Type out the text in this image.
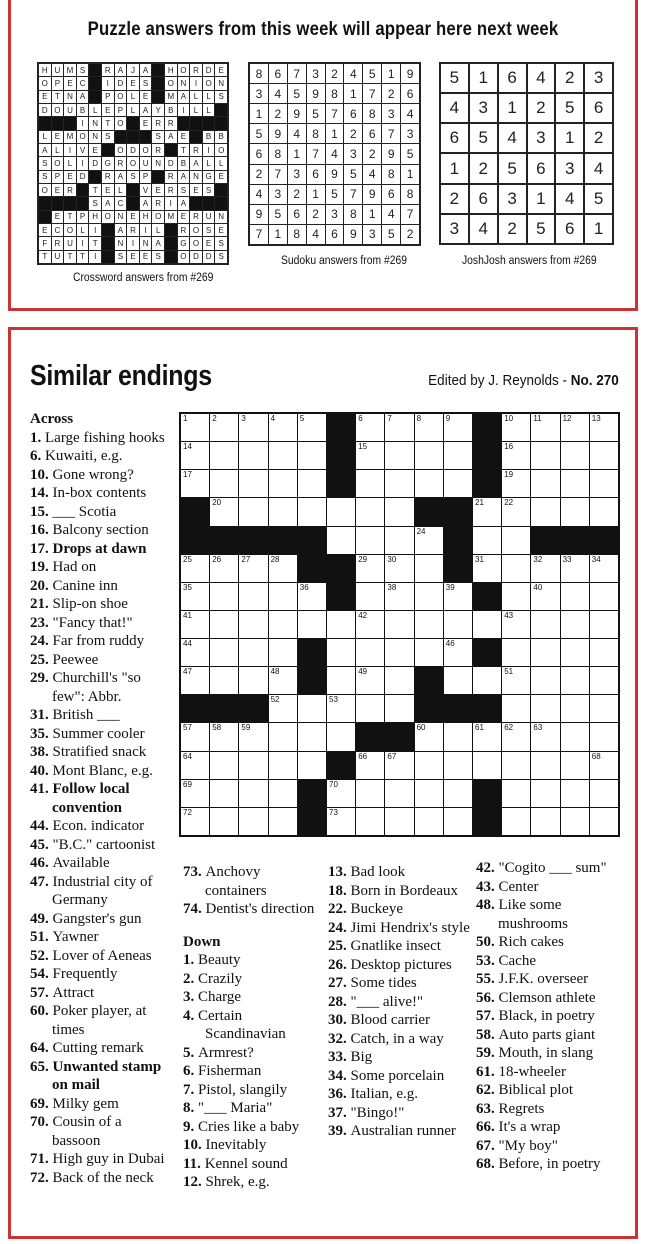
Puzzle answers from this week will appear here next week
H U M S	R A J A	H O R D E
O P E C	I	D E S	O N	I	O N
E T N A	P O L E	M A L	L S
D O U B L E P L A Y B	I	L	L
I	N T O	E R R
L E M O N S	S A E	B B
A L	I	V E	O D O R	T R	I	O
S O L	I	D G R O U N D B A L	L
S P E D	R A S P	R A N G E
O E R	T E L	V E R S E S
S A C	A R	I	A
E T P H O N E H O M E R U N
E C O L	I	A R	I	L	R O S E
F R U	I	T	N	I	N A	G O E S
T U T T	I	S E E S	O D D S
Crossword answers from #269
8	6	7	3	2	4	5	1	9
3	4	5	9	8	1	7	2	6
1	2	9	5	7	6	8	3	4
5	9	4	8	1	2	6	7	3
6	8	1	7	4	3	2	9	5
2	7	3	6	9	5	4	8	1
4	3	2	1	5	7	9	6	8
9	5	6	2	3	8	1	4	7
7	1	8	4	6	9	3	5	2
Sudoku answers from #269
5	1	6	4	2	3
4	3	1	2	5	6
6	5	4	3	1	2
1	2	5	6	3	4
2	6	3	1	4	5
3	4	2	5	6	1
JoshJosh answers from #269
Similar endings	Edited by J. Reynolds - No. 270
1	2	3	4	5	6	7	8	9	10	11	12	13
14	15	16
17	19
20	21	22
24
25	26	27	28	29	30	31	32	33	34
35	36	38	39	40
41	42	43
44	46
47	48	49	51
52	53
57	58	59	60	61	62	63
64	66	67	68
69	70
72	73
Across
1. Large fishing hooks
6. Kuwaiti, e.g.
10. Gone wrong?
14. In-box contents
15. ___ Scotia
16. Balcony section
17. Drops at dawn
19. Had on
20. Canine inn
21. Slip-on shoe
23. "Fancy that!"
24. Far from ruddy
25. Peewee
29. Churchill's "so few": Abbr.
31. British ___
35. Summer cooler
38. Stratified snack
40. Mont Blanc, e.g.
41. Follow local convention
44. Econ. indicator
45. "B.C." cartoonist
46. Available
47. Industrial city of Germany
49. Gangster's gun
51. Yawner
52. Lover of Aeneas
54. Frequently
57. Attract
60. Poker player, at times
64. Cutting remark
65. Unwanted stamp on mail
69. Milky gem
70. Cousin of a bassoon
71. High guy in Dubai
72. Back of the neck
73. Anchovy containers
74. Dentist's direction
Down
1. Beauty
2. Crazily
3. Charge
4. Certain Scandinavian
5. Armrest?
6. Fisherman
7. Pistol, slangily
8. "___ Maria"
9. Cries like a baby
10. Inevitably
11. Kennel sound
12. Shrek, e.g.
13. Bad look
18. Born in Bordeaux
22. Buckeye
24. Jimi Hendrix's style
25. Gnatlike insect
26. Desktop pictures
27. Some tides
28. "___ alive!"
30. Blood carrier
32. Catch, in a way
33. Big
34. Some porcelain
36. Italian, e.g.
37. "Bingo!"
39. Australian runner
42. "Cogito ___ sum"
43. Center
48. Like some mushrooms
50. Rich cakes
53. Cache
55. J.F.K. overseer
56. Clemson athlete
57. Black, in poetry
58. Auto parts giant
59. Mouth, in slang
61. 18-wheeler
62. Biblical plot
63. Regrets
66. It's a wrap
67. "My boy"
68. Before, in poetry
